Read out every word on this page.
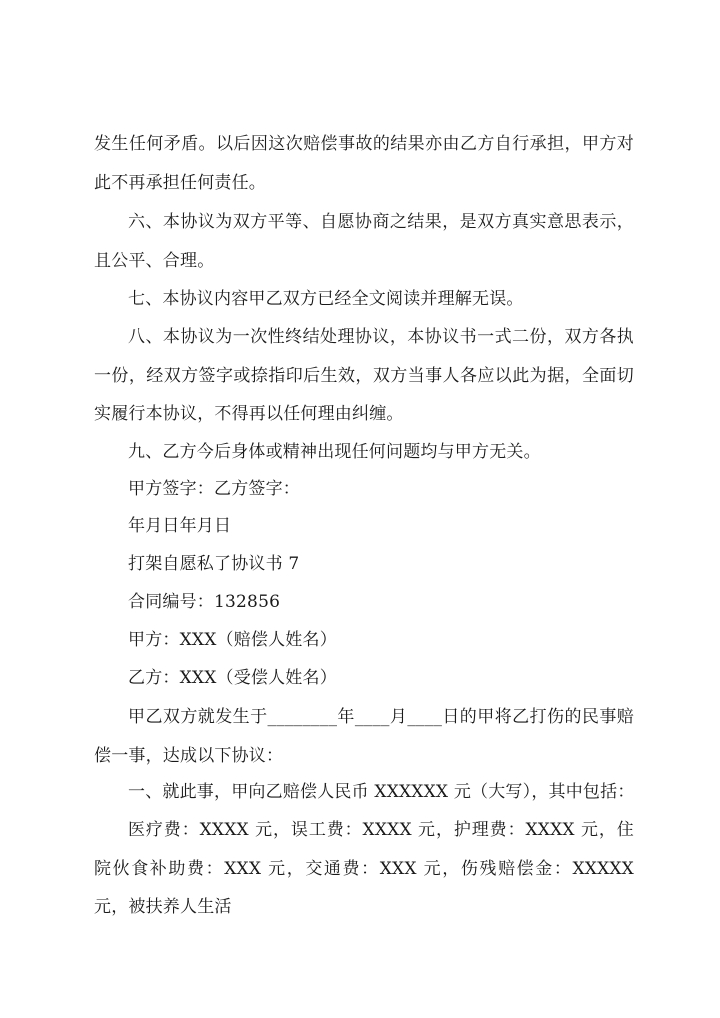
发生任何矛盾。以后因这次赔偿事故的结果亦由乙方自行承担，甲方对此不再承担任何责任。

六、本协议为双方平等、自愿协商之结果，是双方真实意思表示，且公平、合理。

七、本协议内容甲乙双方已经全文阅读并理解无误。

八、本协议为一次性终结处理协议，本协议书一式二份，双方各执一份，经双方签字或捺指印后生效，双方当事人各应以此为据，全面切实履行本协议，不得再以任何理由纠缠。

九、乙方今后身体或精神出现任何问题均与甲方无关。

甲方签字：乙方签字：

年月日年月日

打架自愿私了协议书 7

合同编号：132856

甲方：XXX（赔偿人姓名）

乙方：XXX（受偿人姓名）

甲乙双方就发生于________年____月____日的甲将乙打伤的民事赔偿一事，达成以下协议：

一、就此事，甲向乙赔偿人民币 XXXXXX 元（大写），其中包括：

医疗费：XXXX 元，误工费：XXXX 元，护理费：XXXX 元，住院伙食补助费：XXX 元，交通费：XXX 元，伤残赔偿金：XXXXX 元，被扶养人生活
